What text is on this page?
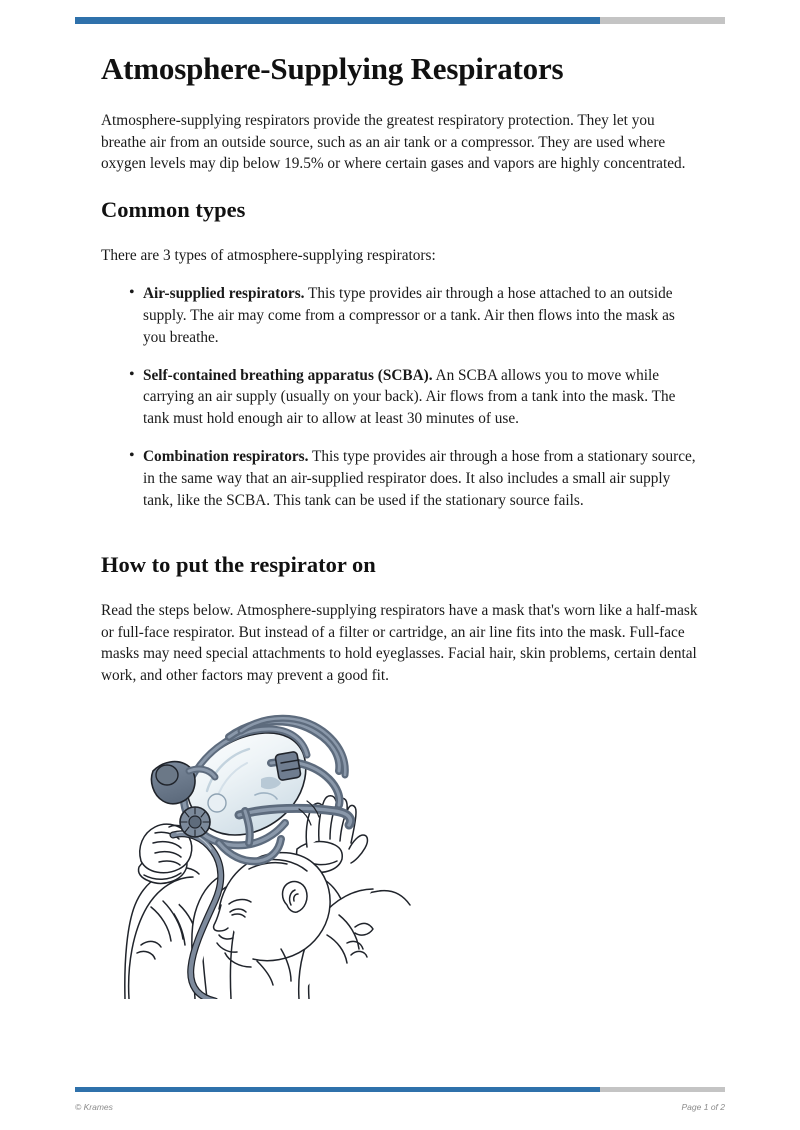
Atmosphere-Supplying Respirators

Atmosphere-supplying respirators provide the greatest respiratory protection. They let you breathe air from an outside source, such as an air tank or a compressor. They are used where oxygen levels may dip below 19.5% or where certain gases and vapors are highly concentrated.

Common types

There are 3 types of atmosphere-supplying respirators:

• Air-supplied respirators. This type provides air through a hose attached to an outside supply. The air may come from a compressor or a tank. Air then flows into the mask as you breathe.
• Self-contained breathing apparatus (SCBA). An SCBA allows you to move while carrying an air supply (usually on your back). Air flows from a tank into the mask. The tank must hold enough air to allow at least 30 minutes of use.
• Combination respirators. This type provides air through a hose from a stationary source, in the same way that an air-supplied respirator does. It also includes a small air supply tank, like the SCBA. This tank can be used if the stationary source fails.
How to put the respirator on

Read the steps below. Atmosphere-supplying respirators have a mask that's worn like a half-mask or full-face respirator. But instead of a filter or cartridge, an air line fits into the mask. Full-face masks may need special attachments to hold eyeglasses. Facial hair, skin problems, certain dental work, and other factors may prevent a good fit.

© Krames	Page 1 of 2
